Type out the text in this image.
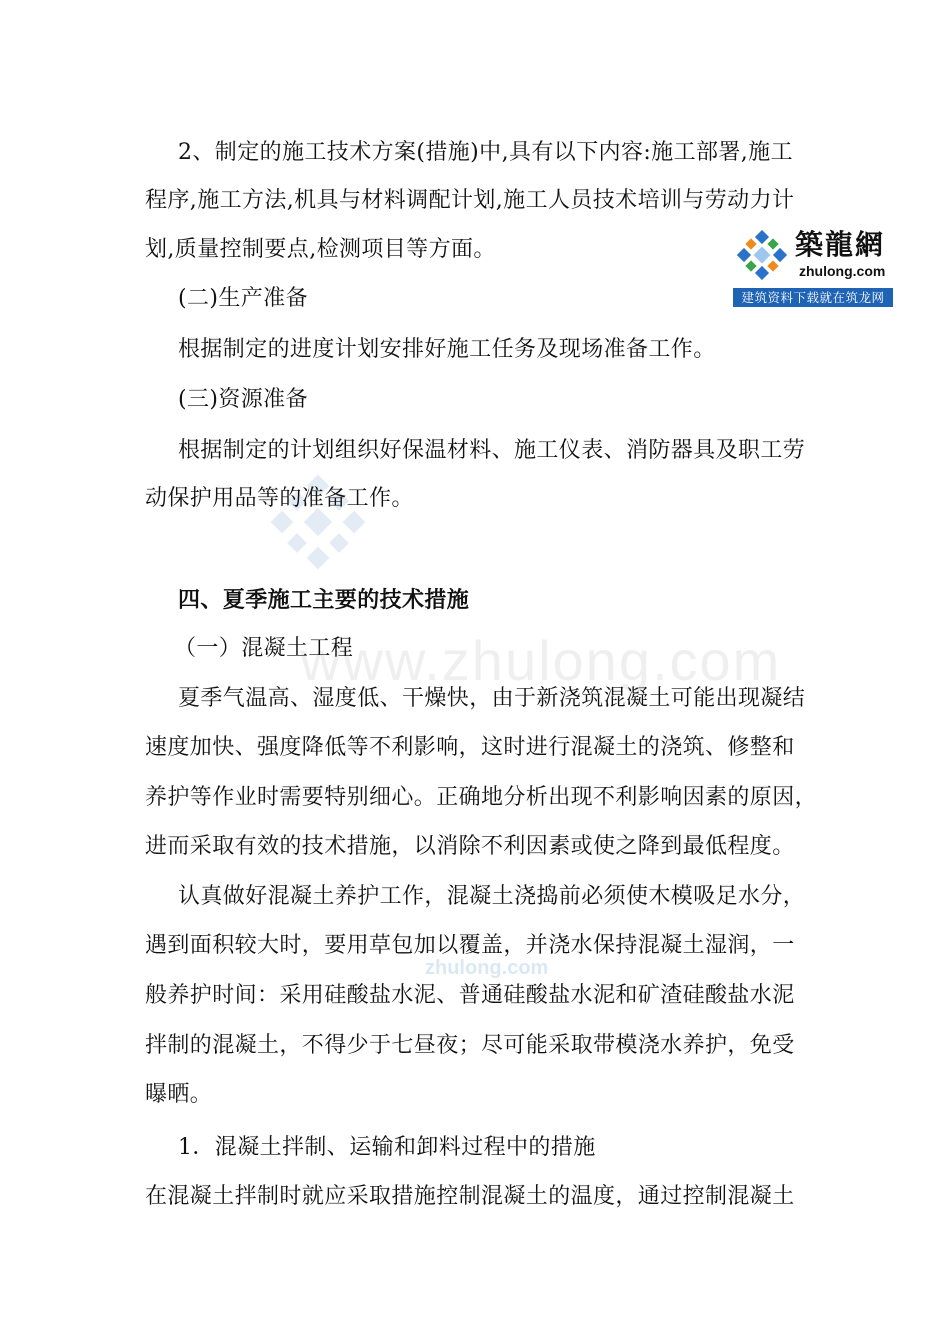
www.zhulong.com
zhulong.com
築龍網
zhulong.com
建筑资料下载就在筑龙网
2、制定的施工技术方案(措施)中,具有以下内容:施工部署,施工
程序,施工方法,机具与材料调配计划,施工人员技术培训与劳动力计
划,质量控制要点,检测项目等方面。
(二)生产准备
根据制定的进度计划安排好施工任务及现场准备工作。
(三)资源准备
根据制定的计划组织好保温材料、施工仪表、消防器具及职工劳
动保护用品等的准备工作。
四、夏季施工主要的技术措施
（一）混凝土工程
夏季气温高、湿度低、干燥快，由于新浇筑混凝土可能出现凝结
速度加快、强度降低等不利影响，这时进行混凝土的浇筑、修整和
养护等作业时需要特别细心。正确地分析出现不利影响因素的原因，
进而采取有效的技术措施，以消除不利因素或使之降到最低程度。
认真做好混凝土养护工作，混凝土浇捣前必须使木模吸足水分，
遇到面积较大时，要用草包加以覆盖，并浇水保持混凝土湿润，一
般养护时间：采用硅酸盐水泥、普通硅酸盐水泥和矿渣硅酸盐水泥
拌制的混凝土，不得少于七昼夜；尽可能采取带模浇水养护，免受
曝晒。
1．混凝土拌制、运输和卸料过程中的措施
在混凝土拌制时就应采取措施控制混凝土的温度，通过控制混凝土
